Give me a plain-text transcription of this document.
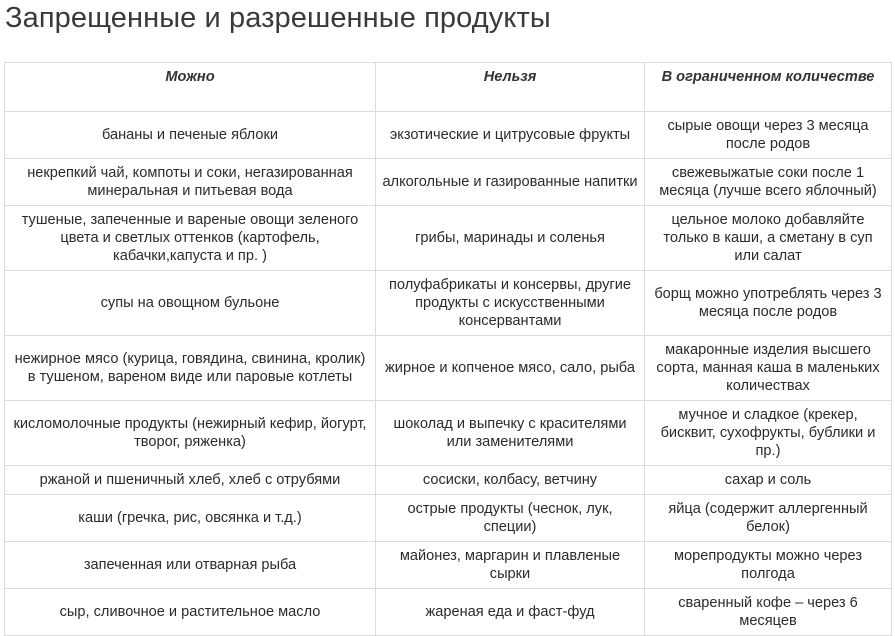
Запрещенные и разрешенные продукты
Можно	Нельзя	В ограниченном количестве
бананы и печеные яблоки	экзотические и цитрусовые фрукты	сырые овощи через 3 месяца после родов
некрепкий чай, компоты и соки, негазированная минеральная и питьевая вода	алкогольные и газированные напитки	свежевыжатые соки после 1 месяца (лучше всего яблочный)
тушеные, запеченные и вареные овощи зеленого цвета и светлых оттенков (картофель, кабачки,капуста и пр. )	грибы, маринады и соленья	цельное молоко добавляйте только в каши, а сметану в суп или салат
супы на овощном бульоне	полуфабрикаты и консервы, другие продукты с искусственными консервантами	борщ можно употреблять через 3 месяца после родов
нежирное мясо (курица, говядина, свинина, кролик) в тушеном, вареном виде или паровые котлеты	жирное и копченое мясо, сало, рыба	макаронные изделия высшего сорта, манная каша в маленьких количествах
кисломолочные продукты (нежирный кефир, йогурт, творог, ряженка)	шоколад и выпечку с красителями или заменителями	мучное и сладкое (крекер, бисквит, сухофрукты, бублики и пр.)
ржаной и пшеничный хлеб, хлеб с отрубями	сосиски, колбасу, ветчину	сахар и соль
каши (гречка, рис, овсянка и т.д.)	острые продукты (чеснок, лук, специи)	яйца (содержит аллергенный белок)
запеченная или отварная рыба	майонез, маргарин и плавленые сырки	морепродукты можно через полгода
сыр, сливочное и растительное масло	жареная еда и фаст-фуд	сваренный кофе – через 6 месяцев
